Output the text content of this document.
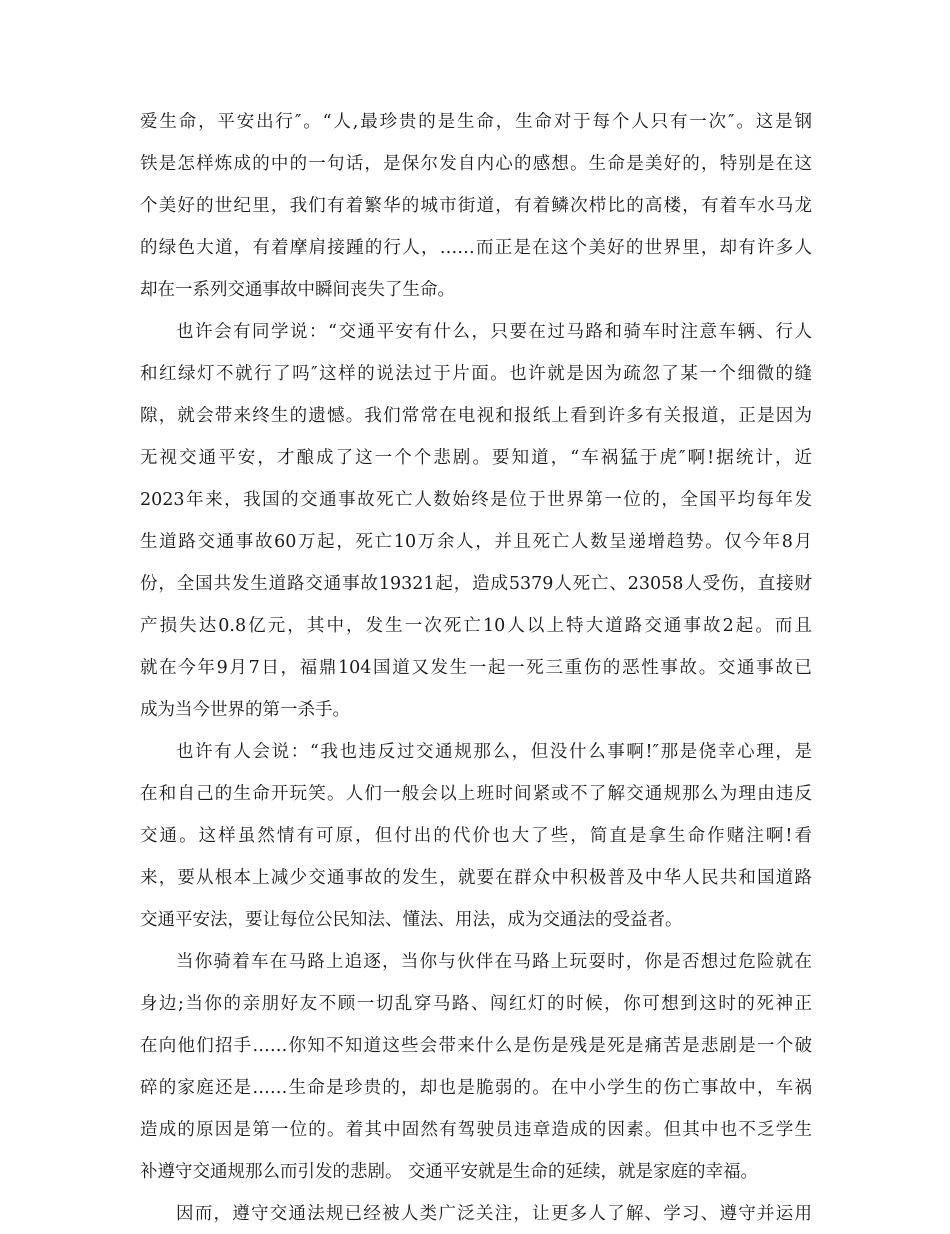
爱生命，平安出行″。“人,最珍贵的是生命，生命对于每个人只有一次″。这是钢
铁是怎样炼成的中的一句话，是保尔发自内心的感想。生命是美好的，特别是在这
个美好的世纪里，我们有着繁华的城市街道，有着鳞次栉比的高楼，有着车水马龙
的绿色大道，有着摩肩接踵的行人，……而正是在这个美好的世界里，却有许多人
却在一系列交通事故中瞬间丧失了生命。
也许会有同学说：“交通平安有什么，只要在过马路和骑车时注意车辆、行人
和红绿灯不就行了吗″这样的说法过于片面。也许就是因为疏忽了某一个细微的缝
隙，就会带来终生的遗憾。我们常常在电视和报纸上看到许多有关报道，正是因为
无视交通平安，才酿成了这一个个悲剧。要知道，“车祸猛于虎″啊!据统计，近
2023年来，我国的交通事故死亡人数始终是位于世界第一位的，全国平均每年发
生道路交通事故60万起，死亡10万余人，并且死亡人数呈递增趋势。仅今年8月
份，全国共发生道路交通事故19321起，造成5379人死亡、23058人受伤，直接财
产损失达0.8亿元，其中，发生一次死亡10人以上特大道路交通事故2起。而且
就在今年9月7日，福鼎104国道又发生一起一死三重伤的恶性事故。交通事故已
成为当今世界的第一杀手。
也许有人会说：“我也违反过交通规那么，但没什么事啊!″那是侥幸心理，是
在和自己的生命开玩笑。人们一般会以上班时间紧或不了解交通规那么为理由违反
交通。这样虽然情有可原，但付出的代价也大了些，简直是拿生命作赌注啊!看
来，要从根本上减少交通事故的发生，就要在群众中积极普及中华人民共和国道路
交通平安法，要让每位公民知法、懂法、用法，成为交通法的受益者。
当你骑着车在马路上追逐，当你与伙伴在马路上玩耍时，你是否想过危险就在
身边;当你的亲朋好友不顾一切乱穿马路、闯红灯的时候，你可想到这时的死神正
在向他们招手……你知不知道这些会带来什么是伤是残是死是痛苦是悲剧是一个破
碎的家庭还是……生命是珍贵的，却也是脆弱的。在中小学生的伤亡事故中，车祸
造成的原因是第一位的。着其中固然有驾驶员违章造成的因素。但其中也不乏学生
补遵守交通规那么而引发的悲剧。 交通平安就是生命的延续，就是家庭的幸福。
因而，遵守交通法规已经被人类广泛关注，让更多人了解、学习、遵守并运用
